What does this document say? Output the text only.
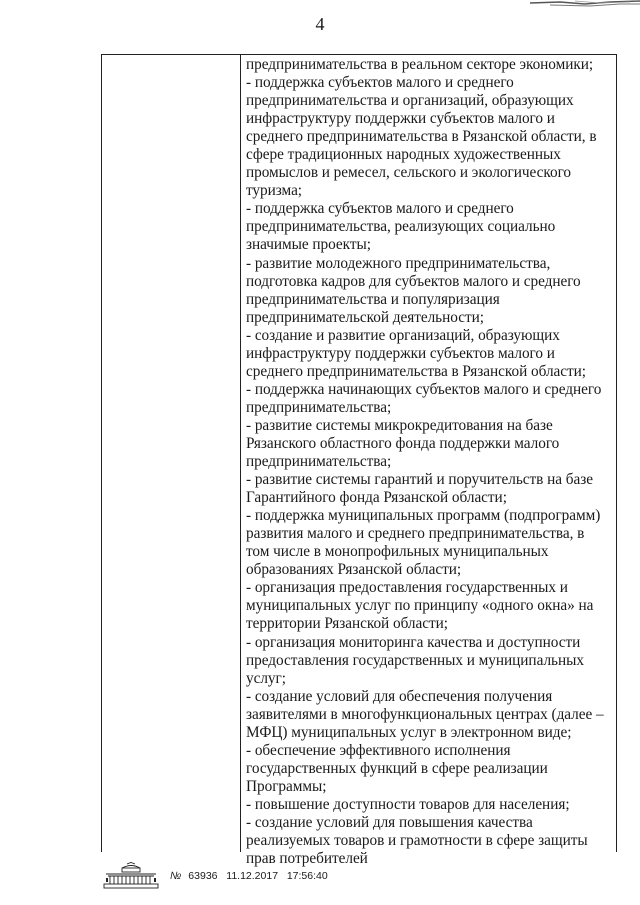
4
предпринимательства в реальном секторе экономики;
- поддержка субъектов малого и среднего
предпринимательства и организаций, образующих
инфраструктуру поддержки субъектов малого и
среднего предпринимательства в Рязанской области, в
сфере традиционных народных художественных
промыслов и ремесел, сельского и экологического
туризма;
- поддержка субъектов малого и среднего
предпринимательства, реализующих социально
значимые проекты;
- развитие молодежного предпринимательства,
подготовка кадров для субъектов малого и среднего
предпринимательства и популяризация
предпринимательской деятельности;
- создание и развитие организаций, образующих
инфраструктуру поддержки субъектов малого и
среднего предпринимательства в Рязанской области;
- поддержка начинающих субъектов малого и среднего
предпринимательства;
- развитие системы микрокредитования на базе
Рязанского областного фонда поддержки малого
предпринимательства;
- развитие системы гарантий и поручительств на базе
Гарантийного фонда Рязанской области;
- поддержка муниципальных программ (подпрограмм)
развития малого и среднего предпринимательства, в
том числе в монопрофильных муниципальных
образованиях Рязанской области;
- организация предоставления государственных и
муниципальных услуг по принципу «одного окна» на
территории Рязанской области;
- организация мониторинга качества и доступности
предоставления государственных и муниципальных
услуг;
- создание условий для обеспечения получения
заявителями в многофункциональных центрах (далее –
МФЦ) муниципальных услуг в электронном виде;
- обеспечение эффективного исполнения
государственных функций в сфере реализации
Программы;
- повышение доступности товаров для населения;
- создание условий для повышения качества
реализуемых товаров и грамотности в сфере защиты
прав потребителей
№ 63936 11.12.2017 17:56:40
